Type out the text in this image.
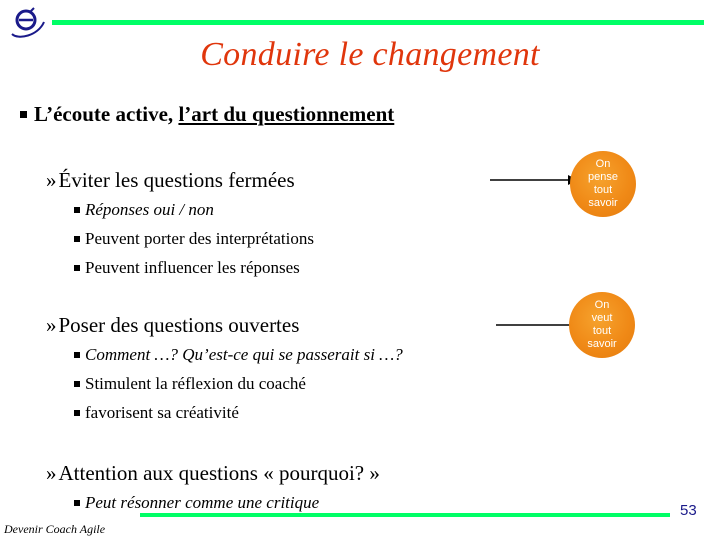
Conduire le changement
L’écoute active, l’art du questionnement
»Éviter les questions fermées
Réponses oui / non
Peuvent porter des interprétations
Peuvent influencer les réponses
On
pense
tout
savoir
»Poser des questions ouvertes
Comment …? Qu’est-ce qui se passerait si …?
Stimulent la réflexion du coaché
favorisent sa créativité
On
veut
tout
savoir
»Attention aux questions « pourquoi? »
Peut résonner comme une critique
Devenir Coach Agile
53
